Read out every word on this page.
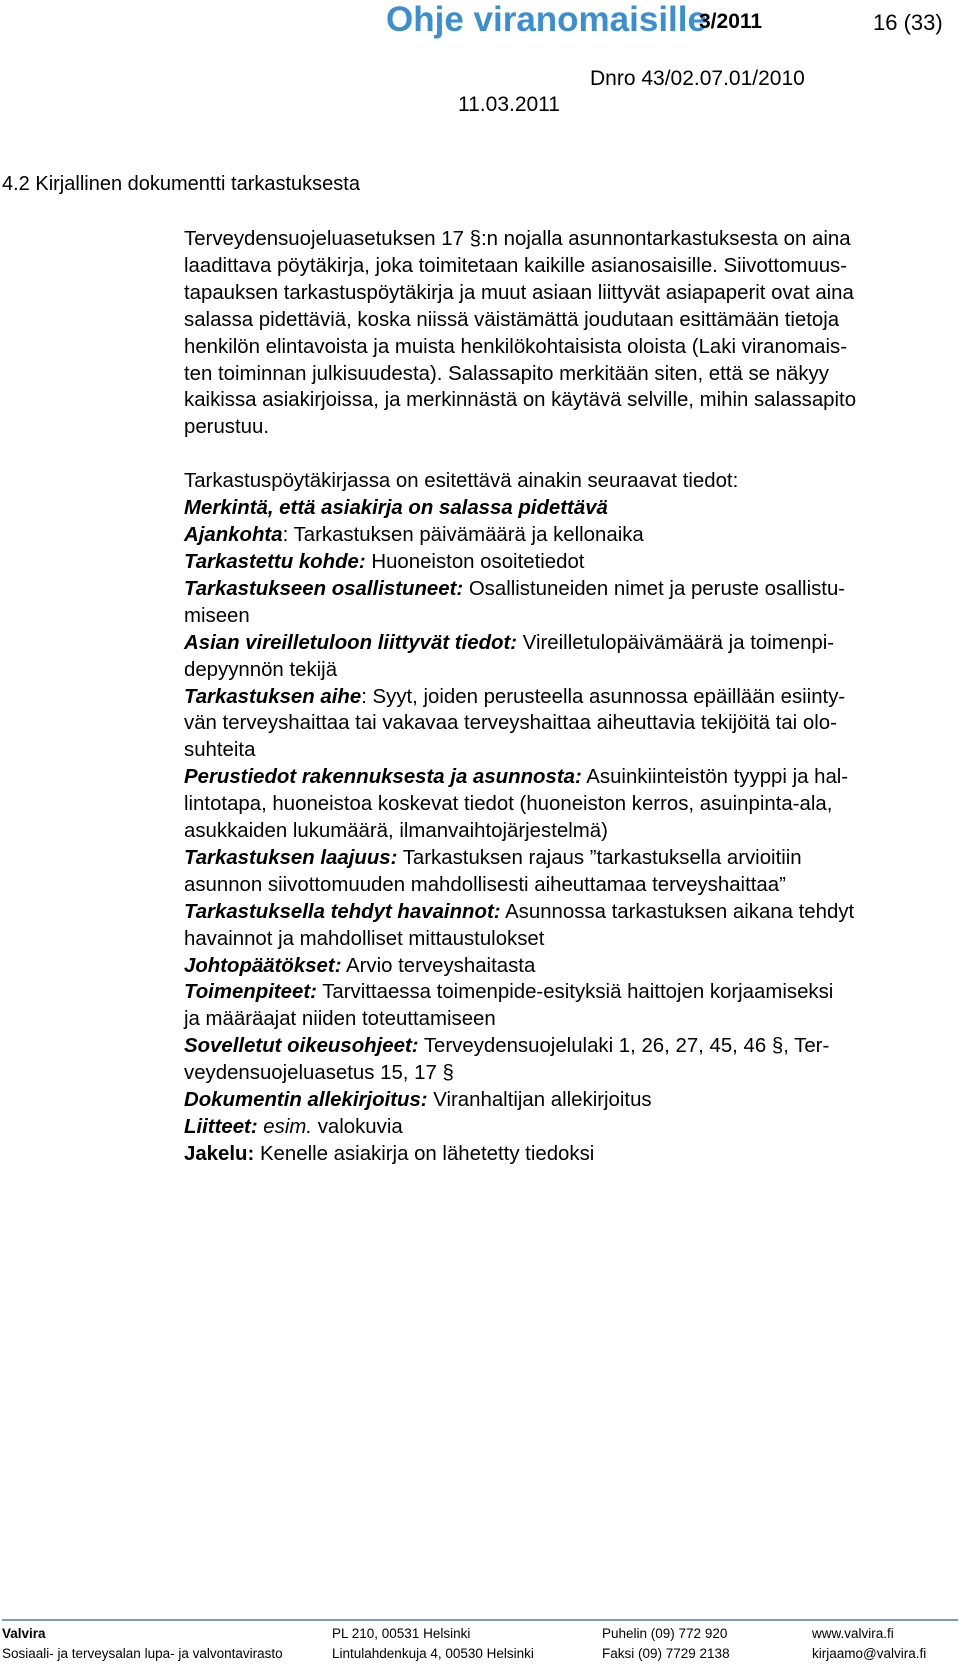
Ohje viranomaisille
3/2011	16 (33)
Dnro 43/02.07.01/2010
11.03.2011
4.2 Kirjallinen dokumentti tarkastuksesta

Terveydensuojeluasetuksen 17 §:n nojalla asunnontarkastuksesta on aina
laadittava pöytäkirja, joka toimitetaan kaikille asianosaisille. Siivottomuus-
tapauksen tarkastuspöytäkirja ja muut asiaan liittyvät asiapaperit ovat aina
salassa pidettäviä, koska niissä väistämättä joudutaan esittämään tietoja
henkilön elintavoista ja muista henkilökohtaisista oloista (Laki viranomais-
ten toiminnan julkisuudesta). Salassapito merkitään siten, että se näkyy
kaikissa asiakirjoissa, ja merkinnästä on käytävä selville, mihin salassapito
perustuu.

Tarkastuspöytäkirjassa on esitettävä ainakin seuraavat tiedot:
Merkintä, että asiakirja on salassa pidettävä
Ajankohta: Tarkastuksen päivämäärä ja kellonaika
Tarkastettu kohde: Huoneiston osoitetiedot
Tarkastukseen osallistuneet: Osallistuneiden nimet ja peruste osallistu-
miseen
Asian vireilletuloon liittyvät tiedot: Vireilletulopäivämäärä ja toimenpi-
depyynnön tekijä
Tarkastuksen aihe: Syyt, joiden perusteella asunnossa epäillään esiinty-
vän terveyshaittaa tai vakavaa terveyshaittaa aiheuttavia tekijöitä tai olo-
suhteita
Perustiedot rakennuksesta ja asunnosta: Asuinkiinteistön tyyppi ja hal-
lintotapa, huoneistoa koskevat tiedot (huoneiston kerros, asuinpinta-ala,
asukkaiden lukumäärä, ilmanvaihtojärjestelmä)
Tarkastuksen laajuus: Tarkastuksen rajaus ”tarkastuksella arvioitiin
asunnon siivottomuuden mahdollisesti aiheuttamaa terveyshaittaa”
Tarkastuksella tehdyt havainnot: Asunnossa tarkastuksen aikana tehdyt
havainnot ja mahdolliset mittaustulokset
Johtopäätökset: Arvio terveyshaitasta
Toimenpiteet: Tarvittaessa toimenpide-esityksiä haittojen korjaamiseksi
ja määräajat niiden toteuttamiseen
Sovelletut oikeusohjeet: Terveydensuojelulaki 1, 26, 27, 45, 46 §, Ter-
veydensuojeluasetus 15, 17 §
Dokumentin allekirjoitus: Viranhaltijan allekirjoitus
Liitteet: esim. valokuvia
Jakelu: Kenelle asiakirja on lähetetty tiedoksi
Valvira	PL 210, 00531 Helsinki	Puhelin (09) 772 920	www.valvira.fi
Sosiaali- ja terveysalan lupa- ja valvontavirasto	Lintulahdenkuja 4, 00530 Helsinki	Faksi (09) 7729 2138	kirjaamo@valvira.fi
